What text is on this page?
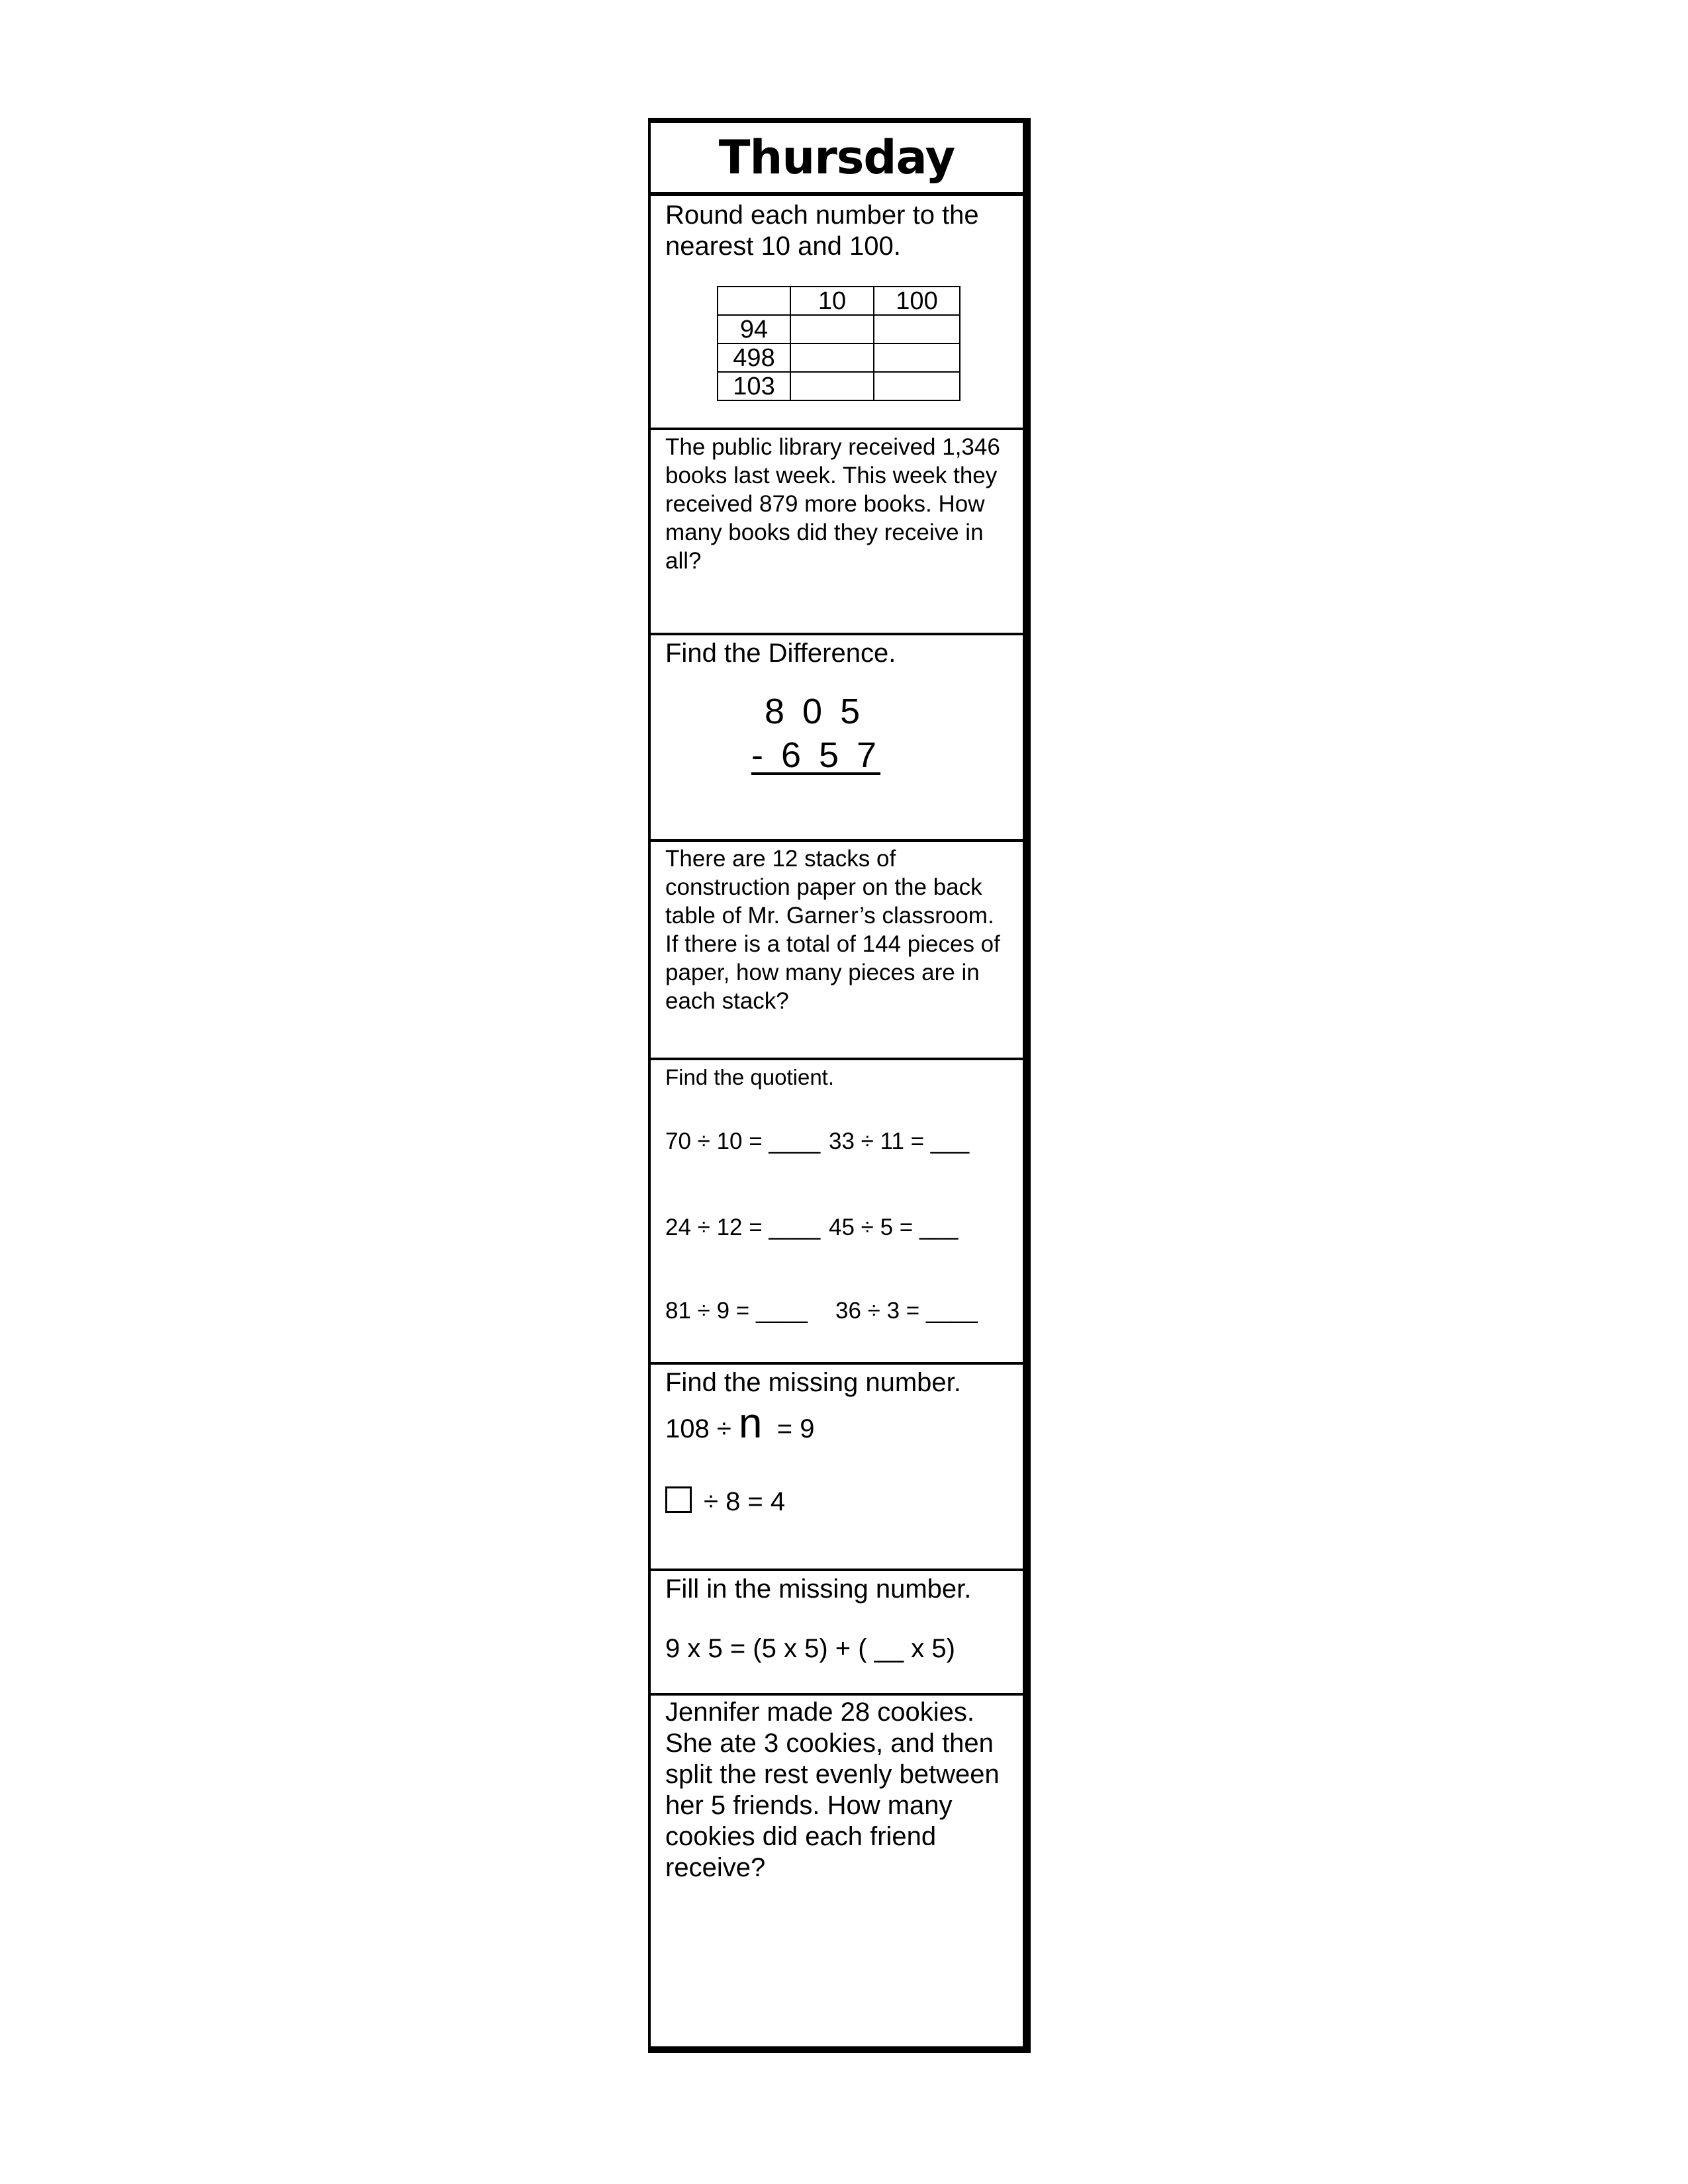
Thursday

Round each number to the nearest 10 and 100.

	10	100
94		
498		
103		

The public library received 1,346 books last week. This week they received 879 more books. How many books did they receive in all?

Find the Difference.

8 0 5
- 6 5 7

There are 12 stacks of construction paper on the back table of Mr. Garner’s classroom. If there is a total of 144 pieces of paper, how many pieces are in each stack?

Find the quotient.

70 ÷ 10 = ____ 33 ÷ 11 = ___
24 ÷ 12 = ____ 45 ÷ 5 = ___
81 ÷ 9 = ____ 36 ÷ 3 = ____

Find the missing number.

108 ÷ n  = 9
÷ 8 = 4

Fill in the missing number.

9 x 5 = (5 x 5) + ( __ x 5)

Jennifer made 28 cookies. She ate 3 cookies, and then split the rest evenly between her 5 friends. How many cookies did each friend receive?
